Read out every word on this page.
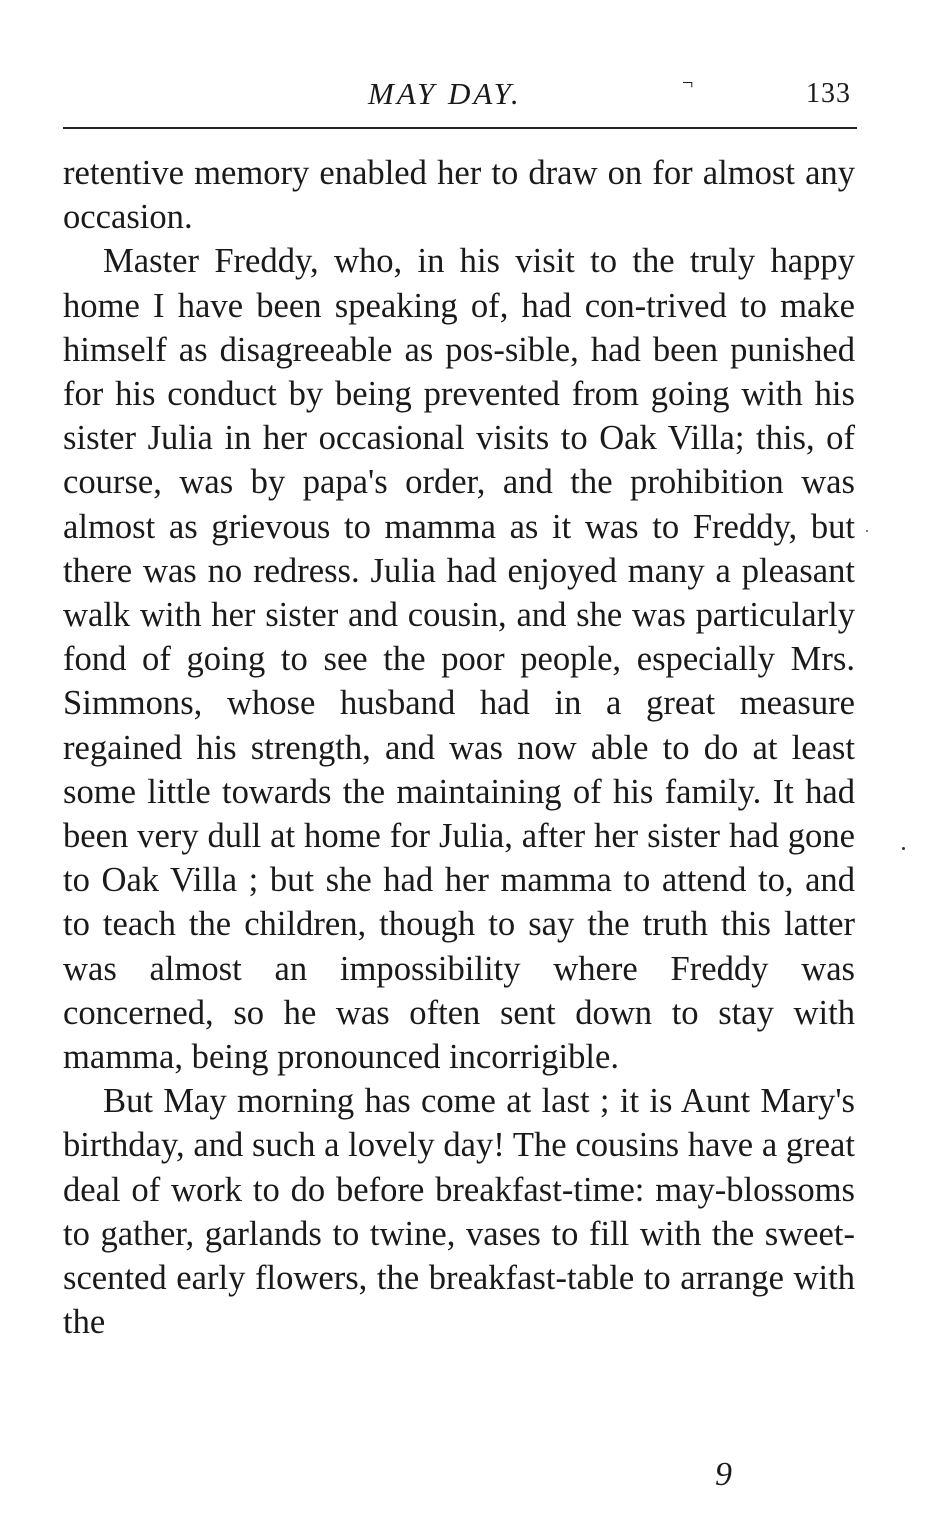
MAY DAY.	¬	133

retentive memory enabled her to draw on for almost any occasion.

Master Freddy, who, in his visit to the truly happy home I have been speaking of, had con-trived to make himself as disagreeable as pos-sible, had been punished for his conduct by being prevented from going with his sister Julia in her occasional visits to Oak Villa; this, of course, was by papa's order, and the prohibition was almost as grievous to mamma as it was to Freddy, but there was no redress. Julia had enjoyed many a pleasant walk with her sister and cousin, and she was particularly fond of going to see the poor people, especially Mrs. Simmons, whose husband had in a great measure regained his strength, and was now able to do at least some little towards the maintaining of his family. It had been very dull at home for Julia, after her sister had gone to Oak Villa ; but she had her mamma to attend to, and to teach the children, though to say the truth this latter was almost an impossibility where Freddy was concerned, so he was often sent down to stay with mamma, being pronounced incorrigible.

But May morning has come at last ; it is Aunt Mary's birthday, and such a lovely day! The cousins have a great deal of work to do before breakfast-time: may-blossoms to gather, garlands to twine, vases to fill with the sweet-scented early flowers, the breakfast-table to arrange with the

9
